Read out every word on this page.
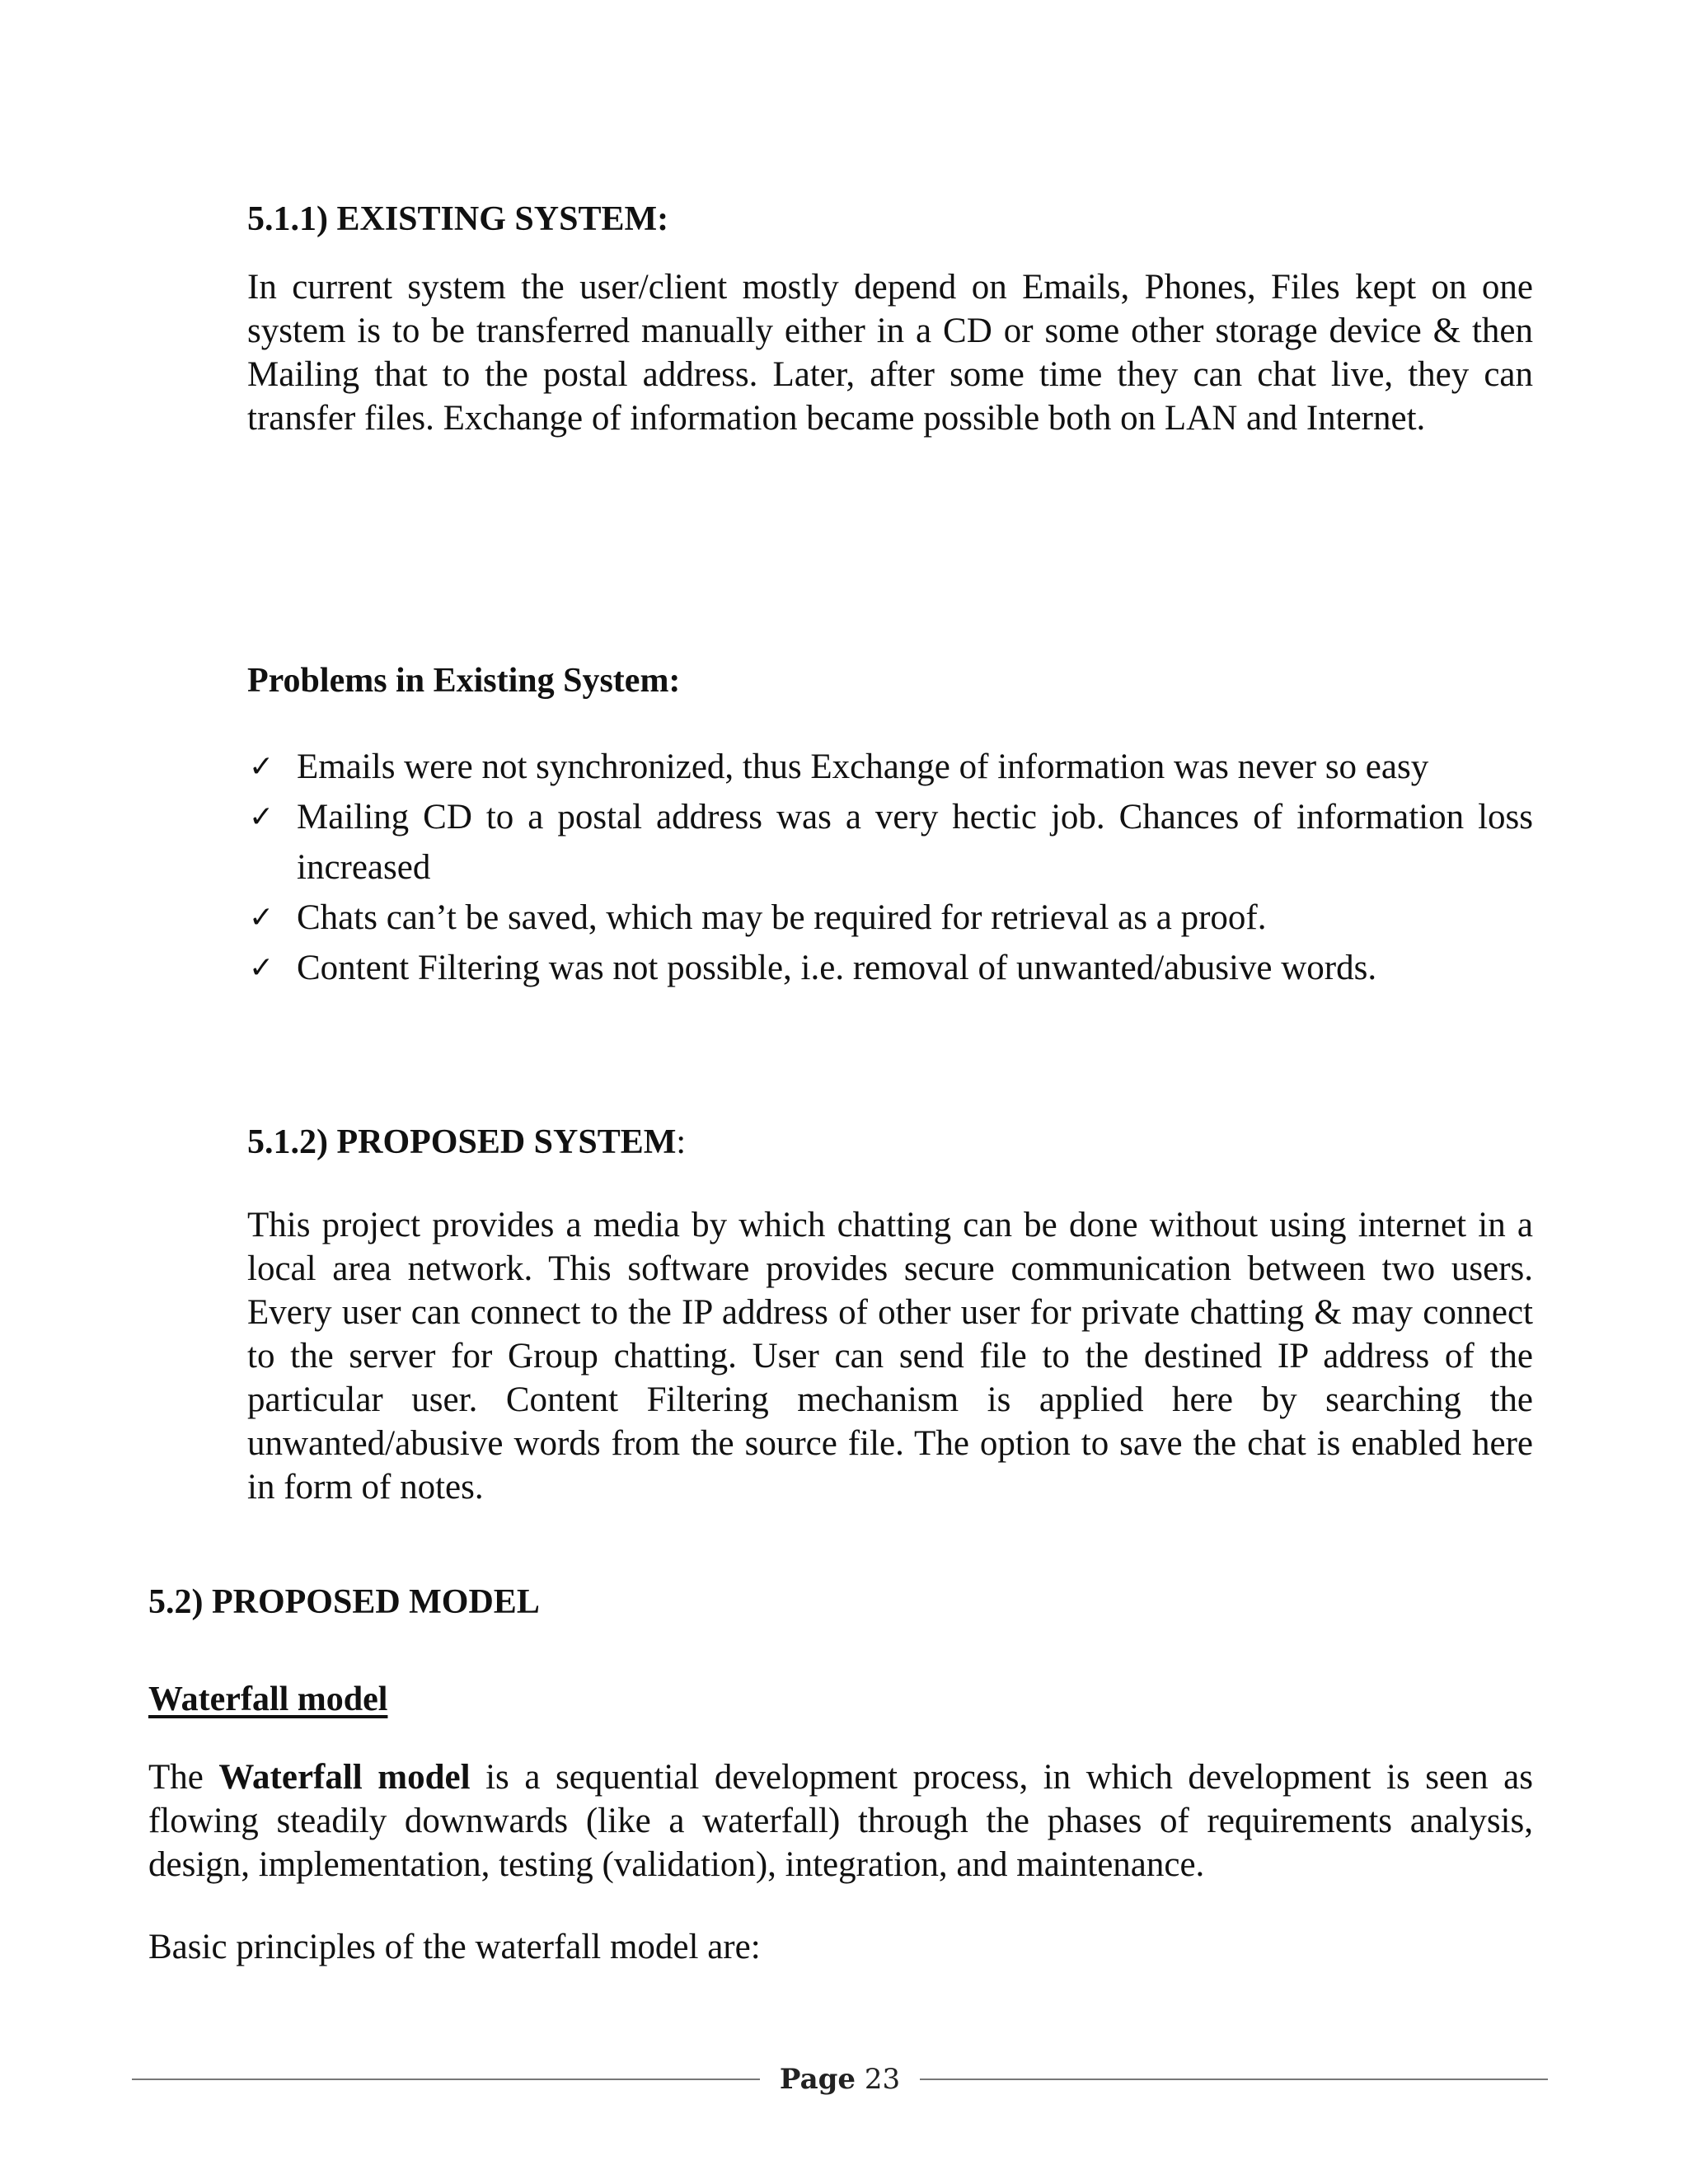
5.1.1) EXISTING SYSTEM:

In current system the user/client mostly depend on Emails, Phones, Files kept on one system is to be transferred manually either in a CD or some other storage device & then Mailing that to the postal address. Later, after some time they can chat live, they can transfer files. Exchange of information became possible both on LAN and Internet.

Problems in Existing System:

✓ Emails were not synchronized, thus Exchange of information was never so easy
✓ Mailing CD to a postal address was a very hectic job. Chances of information loss increased
✓ Chats can’t be saved, which may be required for retrieval as a proof.
✓ Content Filtering was not possible, i.e. removal of unwanted/abusive words.

5.1.2) PROPOSED SYSTEM:

This project provides a media by which chatting can be done without using internet in a local area network. This software provides secure communication between two users. Every user can connect to the IP address of other user for private chatting & may connect to the server for Group chatting. User can send file to the destined IP address of the particular user. Content Filtering mechanism is applied here by searching the unwanted/abusive words from the source file. The option to save the chat is enabled here in form of notes.

5.2) PROPOSED MODEL

Waterfall model

The Waterfall model is a sequential development process, in which development is seen as flowing steadily downwards (like a waterfall) through the phases of requirements analysis, design, implementation, testing (validation), integration, and maintenance.

Basic principles of the waterfall model are:

Page 23
